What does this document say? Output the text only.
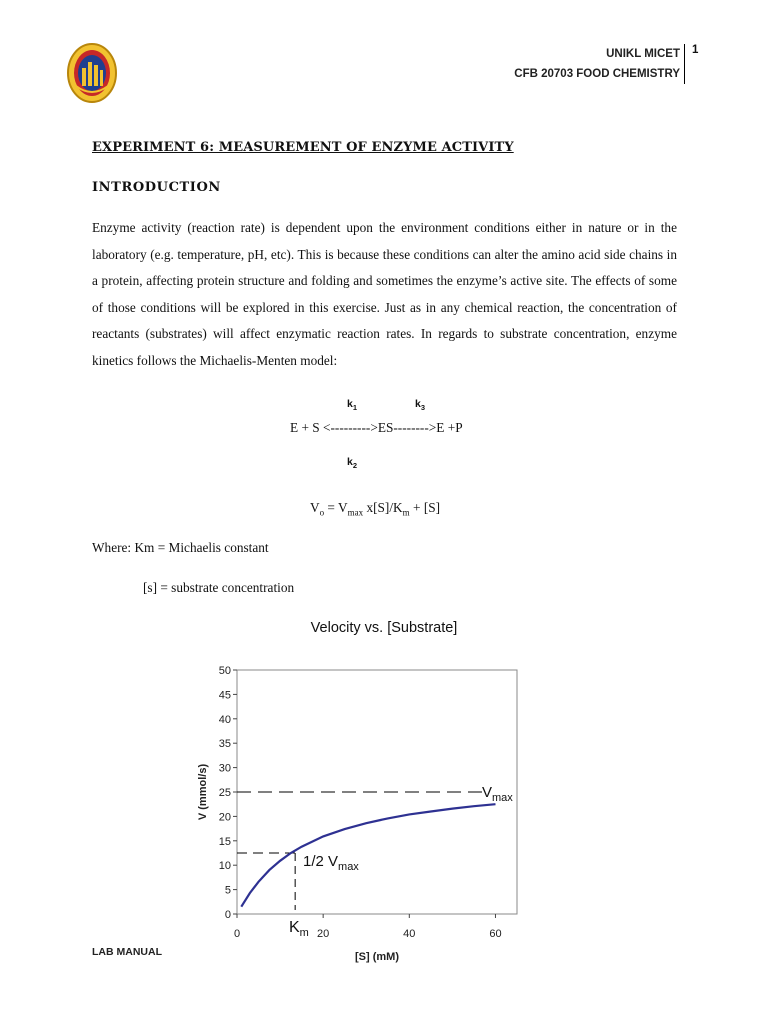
UNIKL MICET
CFB 20703 FOOD CHEMISTRY
1
EXPERIMENT 6: MEASUREMENT OF ENZYME ACTIVITY
INTRODUCTION
Enzyme activity (reaction rate) is dependent upon the environment conditions either in nature or in the laboratory (e.g. temperature, pH, etc). This is because these conditions can alter the amino acid side chains in a protein, affecting protein structure and folding and sometimes the enzyme’s active site. The effects of some of those conditions will be explored in this exercise. Just as in any chemical reaction, the concentration of reactants (substrates) will affect enzymatic reaction rates. In regards to substrate concentration, enzyme kinetics follows the Michaelis-Menten model:
$k_1$	$k_3$
E + S <--------->ES-------->E +P
$k_2$
$V_o = V_{max}$ $x[S]/K_m + [S]$
Where: Km = Michaelis constant
[s] = substrate concentration
Velocity vs. [Substrate]
0
5
10
15
20
25
30
35
40
45
50
0	20	40	60
[S] (mM)
V (mmol/s)	$V_{max}$
1/2 $V_{max}$
$K_m$
LAB MANUAL
